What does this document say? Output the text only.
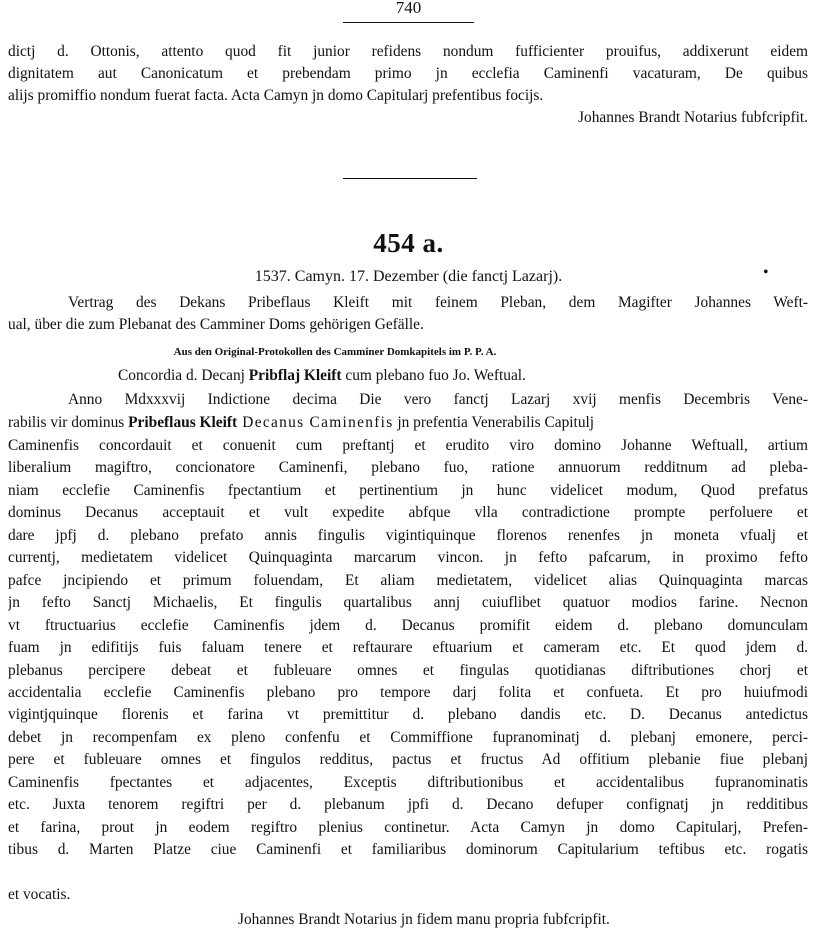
740
dictj d. Ottonis, attento quod fit junior refidens nondum fufficienter prouifus, addixerunt eidem
dignitatem aut Canonicatum et prebendam primo jn ecclefia Caminenfi vacaturam, De quibus
alijs promiffio nondum fuerat facta. Acta Camyn jn domo Capitularj prefentibus focijs.
Johannes Brandt Notarius fubfcripfit.
454 a.
1537. Camyn. 17. Dezember (die fanctj Lazarj).	•
Vertrag des Dekans Pribeflaus Kleift mit feinem Pleban, dem Magifter Johannes Weft-
ual, über die zum Plebanat des Camminer Doms gehörigen Gefälle.
Aus den Original-Protokollen des Camminer Domkapitels im P. P. A.
Concordia d. Decanj Pribflaj Kleift cum plebano fuo Jo. Weftual.
Anno Mdxxxvij Indictione decima Die vero fanctj Lazarj xvij menfis Decembris Vene-
rabilis vir dominus Pribeflaus Kleift Decanus Caminenfis jn prefentia Venerabilis Capitulj
Caminenfis concordauit et conuenit cum preftantj et erudito viro domino Johanne Weftuall, artium
liberalium magiftro, concionatore Caminenfi, plebano fuo, ratione annuorum redditnum ad pleba-
niam ecclefie Caminenfis fpectantium et pertinentium jn hunc videlicet modum, Quod prefatus
dominus Decanus acceptauit et vult expedite abfque vlla contradictione prompte perfoluere et
dare jpfj d. plebano prefato annis fingulis vigintiquinque florenos renenfes jn moneta vfualj et
currentj, medietatem videlicet Quinquaginta marcarum vincon. jn fefto pafcarum, in proximo fefto
pafce jncipiendo et primum foluendam, Et aliam medietatem, videlicet alias Quinquaginta marcas
jn fefto Sanctj Michaelis, Et fingulis quartalibus annj cuiuflibet quatuor modios farine. Necnon
vt ftructuarius ecclefie Caminenfis jdem d. Decanus promifit eidem d. plebano domunculam
fuam jn edifitijs fuis faluam tenere et reftaurare eftuarium et cameram etc. Et quod jdem d.
plebanus percipere debeat et fubleuare omnes et fingulas quotidianas diftributiones chorj et
accidentalia ecclefie Caminenfis plebano pro tempore darj folita et confueta. Et pro huiufmodi
vigintjquinque florenis et farina vt premittitur d. plebano dandis etc. D. Decanus antedictus
debet jn recompenfam ex pleno confenfu et Commiffione fupranominatj d. plebanj emonere, perci-
pere et fubleuare omnes et fingulos redditus, pactus et fructus Ad offitium plebanie fiue plebanj
Caminenfis fpectantes et adjacentes, Exceptis diftributionibus et accidentalibus fupranominatis
etc. Juxta tenorem regiftri per d. plebanum jpfi d. Decano defuper confignatj jn redditibus
et farina, prout jn eodem regiftro plenius continetur. Acta Camyn jn domo Capitularj, Prefen-
tibus d. Marten Platze ciue Caminenfi et familiaribus dominorum Capitularium teftibus etc. rogatis
et vocatis.
Johannes Brandt Notarius jn fidem manu propria fubfcripfit.
